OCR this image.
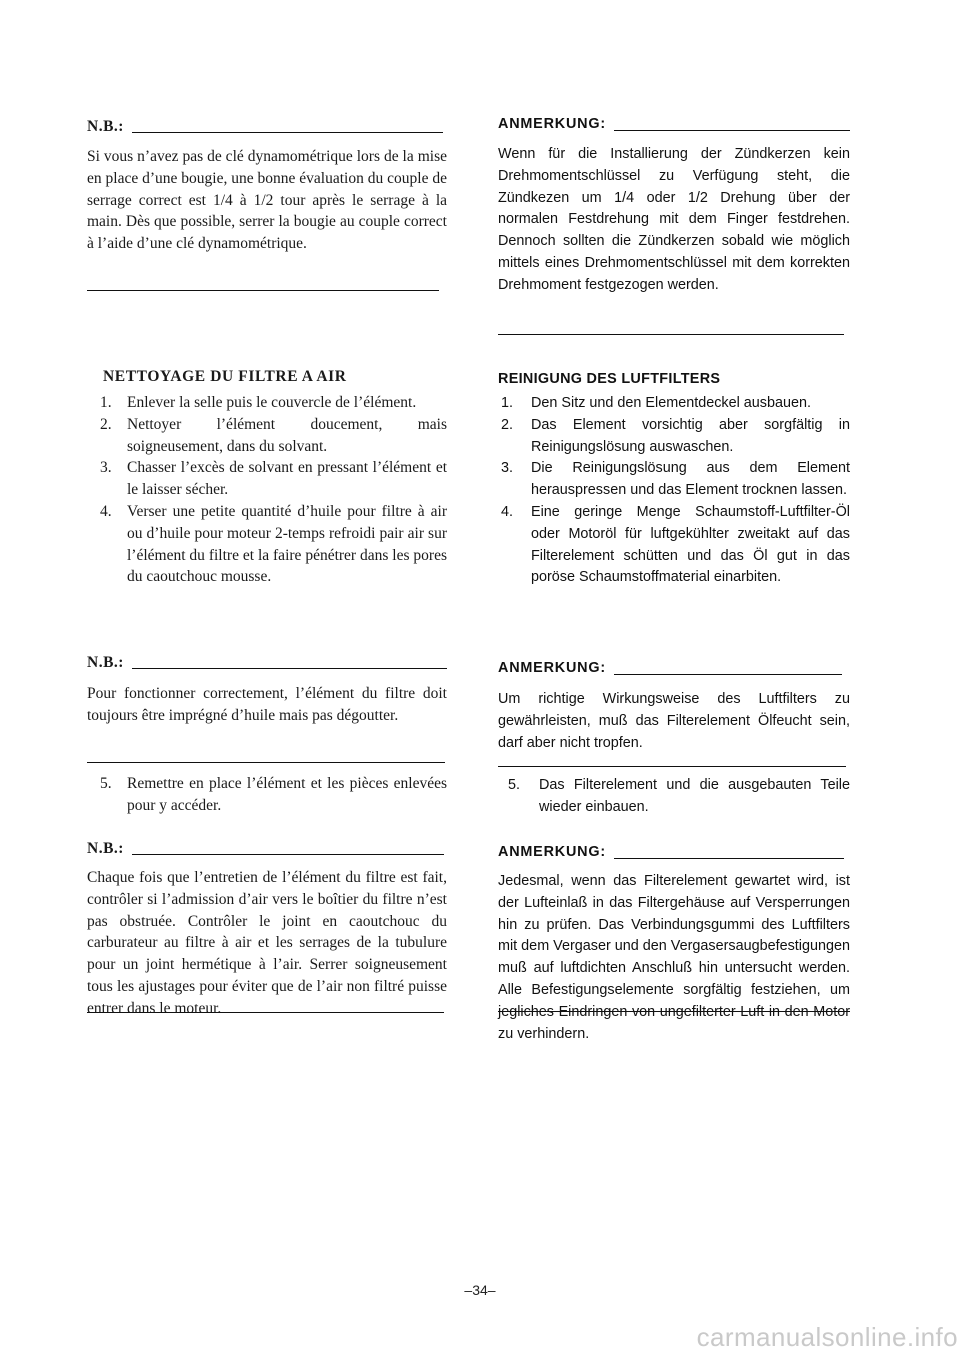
N.B.:
Si vous n’avez pas de clé dynamométrique lors de la mise en place d’une bougie, une bonne évaluation du couple de serrage correct est 1/4 à 1/2 tour après le serrage à la main. Dès que possible, serrer la bougie au couple correct à l’aide d’une clé dynamométrique.
NETTOYAGE DU FILTRE A AIR
1. Enlever la selle puis le couvercle de l’élément.
2. Nettoyer l’élément doucement, mais soigneusement, dans du solvant.
3. Chasser l’excès de solvant en pressant l’élément et le laisser sécher.
4. Verser une petite quantité d’huile pour filtre à air ou d’huile pour moteur 2-temps refroidi pair air sur l’élément du filtre et la faire pénétrer dans les pores du caoutchouc mousse.
N.B.:
Pour fonctionner correctement, l’élément du filtre doit toujours être imprégné d’huile mais pas dégoutter.
5. Remettre en place l’élément et les pièces enlevées pour y accéder.
N.B.:
Chaque fois que l’entretien de l’élément du filtre est fait, contrôler si l’admission d’air vers le boîtier du filtre n’est pas obstruée. Contrôler le joint en caoutchouc du carburateur au filtre à air et les serrages de la tubulure pour un joint hermétique à l’air. Serrer soigneusement tous les ajustages pour éviter que de l’air non filtré puisse entrer dans le moteur.
ANMERKUNG:
Wenn für die Installierung der Zündkerzen kein Drehmomentschlüssel zu Verfügung steht, die Zündkezen um 1/4 oder 1/2 Drehung über der normalen Festdrehung mit dem Finger festdrehen. Dennoch sollten die Zündkerzen sobald wie möglich mittels eines Drehmomentschlüssel mit dem korrekten Drehmoment festgezogen werden.
REINIGUNG DES LUFTFILTERS
1.	Den Sitz und den Elementdeckel ausbauen.
2.	Das Element vorsichtig aber sorgfältig in Reinigungslösung auswaschen.
3.	Die Reinigungslösung aus dem Element herauspressen und das Element trocknen lassen.
4.	Eine geringe Menge Schaumstoff-Luftfilter-Öl oder Motoröl für luftgekühlter zweitakt auf das Filterelement schütten und das Öl gut in das poröse Schaumstoffmaterial einarbiten.
ANMERKUNG:
Um richtige Wirkungsweise des Luftfilters zu gewährleisten, muß das Filterelement Ölfeucht sein, darf aber nicht tropfen.
5.	Das Filterelement und die ausgebauten Teile wieder einbauen.
ANMERKUNG:
Jedesmal, wenn das Filterelement gewartet wird, ist der Lufteinlaß in das Filtergehäuse auf Versperrungen hin zu prüfen. Das Verbindungsgummi des Luftfilters mit dem Vergaser und den Vergasersaugbefestigungen muß auf luftdichten Anschluß hin untersucht werden. Alle Befestigungselemente sorgfältig festziehen, um jegliches Eindringen von ungefilterter Luft in den Motor zu verhindern.
–34–
carmanualsonline.info
